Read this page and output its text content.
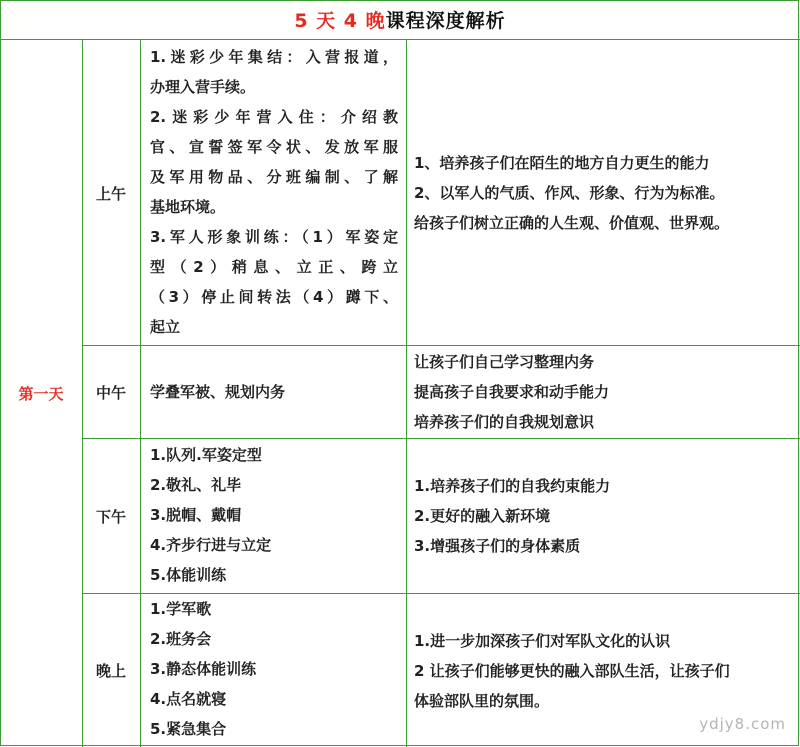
5 天 4 晚 课程深度解析
第一天
上午
1.迷彩少年集结：入营报道，
办理入营手续。
2.迷彩少年营入住：介绍教
官、宣誓签军令状、发放军服
及军用物品、分班编制、了解
基地环境。
3.军人形象训练：（1）军姿定
型（2）稍息、立正、跨立
（3）停止间转法（4）蹲下、
起立
1、培养孩子们在陌生的地方自力更生的能力
2、以军人的气质、作风、形象、行为为标准。
给孩子们树立正确的人生观、价值观、世界观。
中午	学叠军被、规划内务
让孩子们自己学习整理内务
提高孩子自我要求和动手能力
培养孩子们的自我规划意识
下午
1.队列.军姿定型
2.敬礼、礼毕
3.脱帽、戴帽
4.齐步行进与立定
5.体能训练
1.培养孩子们的自我约束能力
2.更好的融入新环境
3.增强孩子们的身体素质
晚上
1.学军歌
2.班务会
3.静态体能训练
4.点名就寝
5.紧急集合
1.进一步加深孩子们对军队文化的认识
2 让孩子们能够更快的融入部队生活，让孩子们
体验部队里的氛围。
ydjy8.com
